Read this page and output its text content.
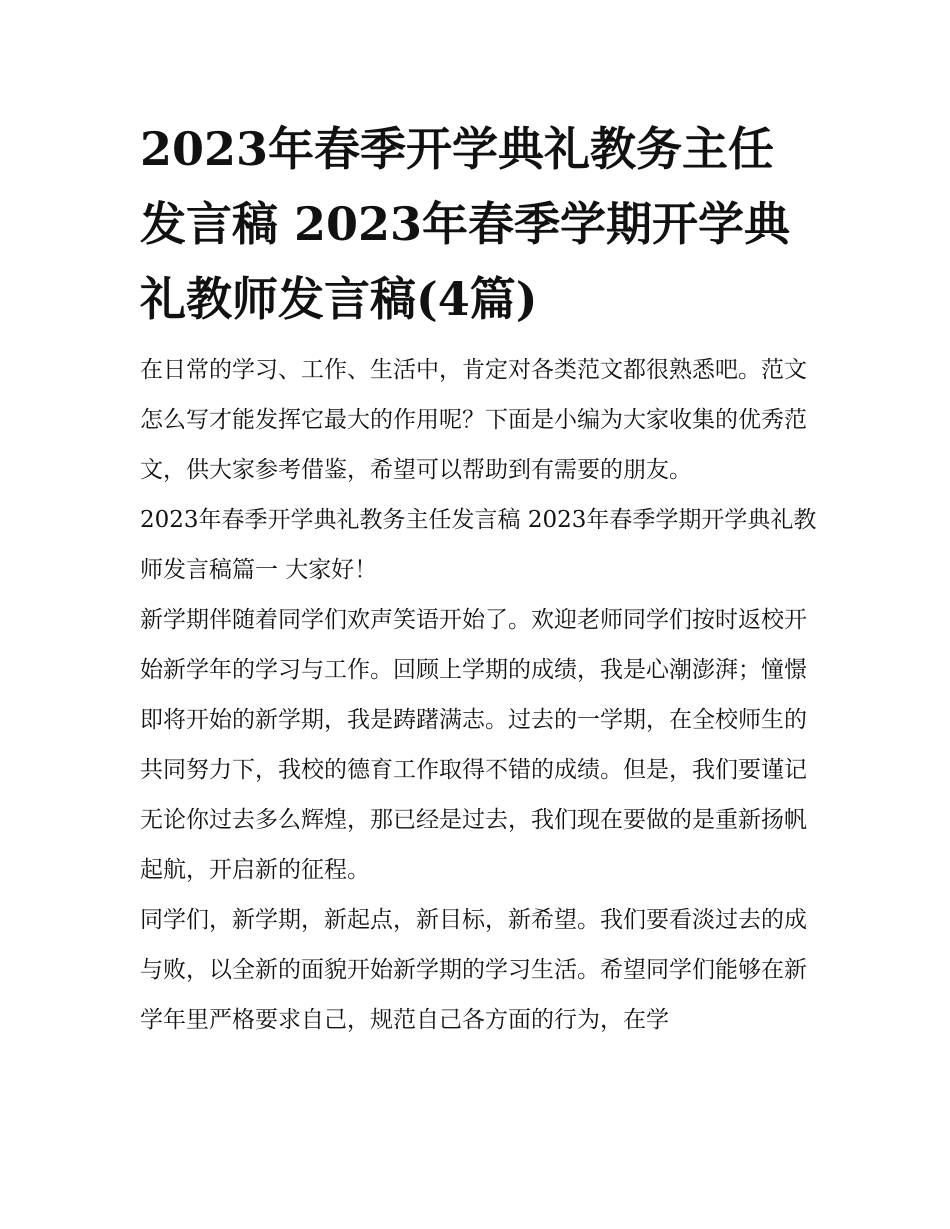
2023年春季开学典礼教务主任发言稿 2023年春季学期开学典礼教师发言稿(4篇)

在日常的学习、工作、生活中，肯定对各类范文都很熟悉吧。范文怎么写才能发挥它最大的作用呢？下面是小编为大家收集的优秀范文，供大家参考借鉴，希望可以帮助到有需要的朋友。

2023年春季开学典礼教务主任发言稿 2023年春季学期开学典礼教师发言稿篇一 大家好！

新学期伴随着同学们欢声笑语开始了。欢迎老师同学们按时返校开始新学年的学习与工作。回顾上学期的成绩，我是心潮澎湃；憧憬即将开始的新学期，我是踌躇满志。过去的一学期，在全校师生的共同努力下，我校的德育工作取得不错的成绩。但是，我们要谨记无论你过去多么辉煌，那已经是过去，我们现在要做的是重新扬帆起航，开启新的征程。

同学们，新学期，新起点，新目标，新希望。我们要看淡过去的成与败，以全新的面貌开始新学期的学习生活。希望同学们能够在新学年里严格要求自己，规范自己各方面的行为，在学
